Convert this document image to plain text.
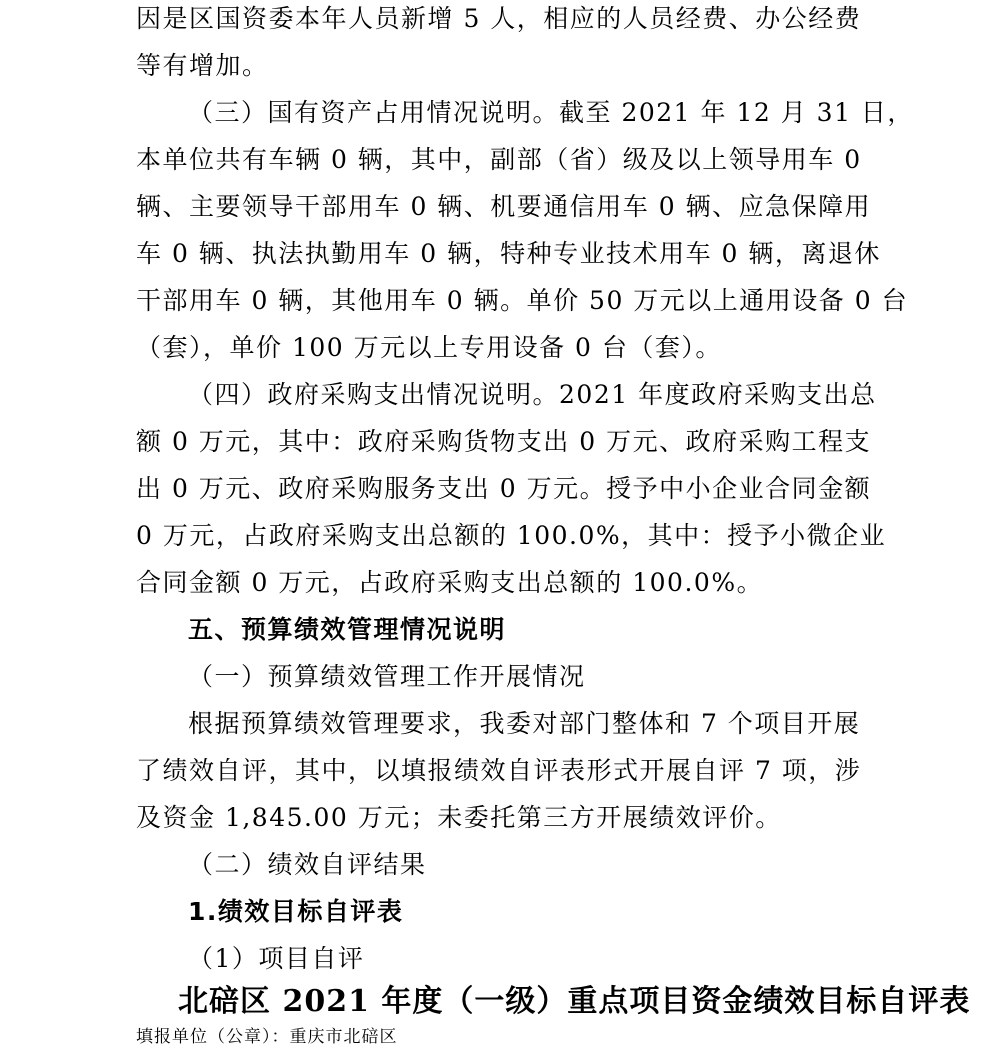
因是区国资委本年人员新增 5 人，相应的人员经费、办公经费
等有增加。
（三）国有资产占用情况说明。截至 2021 年 12 月 31 日，
本单位共有车辆 0 辆，其中，副部（省）级及以上领导用车 0
辆、主要领导干部用车 0 辆、机要通信用车 0 辆、应急保障用
车 0 辆、执法执勤用车 0 辆，特种专业技术用车 0 辆，离退休
干部用车 0 辆，其他用车 0 辆。单价 50 万元以上通用设备 0 台
（套），单价 100 万元以上专用设备 0 台（套）。
（四）政府采购支出情况说明。2021 年度政府采购支出总
额 0 万元，其中：政府采购货物支出 0 万元、政府采购工程支
出 0 万元、政府采购服务支出 0 万元。授予中小企业合同金额
0 万元，占政府采购支出总额的 100.0%，其中：授予小微企业
合同金额 0 万元，占政府采购支出总额的 100.0%。
五、预算绩效管理情况说明
（一）预算绩效管理工作开展情况
根据预算绩效管理要求，我委对部门整体和 7 个项目开展
了绩效自评，其中，以填报绩效自评表形式开展自评 7 项，涉
及资金 1,845.00 万元；未委托第三方开展绩效评价。
（二）绩效自评结果
1.绩效目标自评表
（1）项目自评
北碚区 2021 年度（一级）重点项目资金绩效目标自评表
填报单位（公章）：重庆市北碚区
